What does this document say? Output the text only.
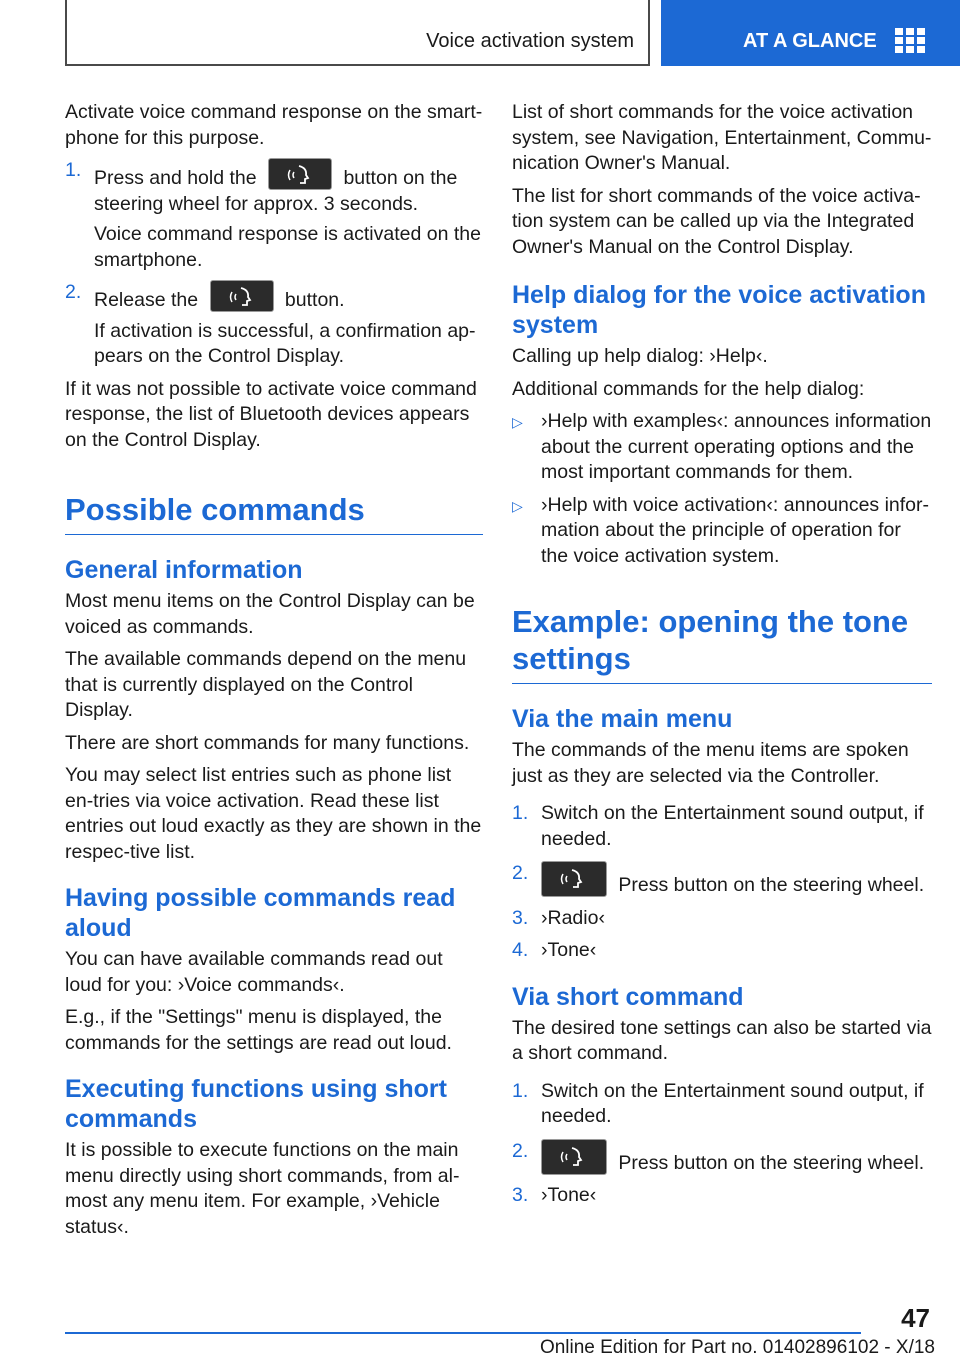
Voice activation system	AT A GLANCE

Activate voice command response on the smart-phone for this purpose.

1. Press and hold the	button on the steering wheel for approx. 3 seconds.
Voice command response is activated on the smartphone.
2. Release the	button.
If activation is successful, a confirmation ap-pears on the Control Display.

If it was not possible to activate voice command response, the list of Bluetooth devices appears on the Control Display.

Possible commands
General information

Most menu items on the Control Display can be voiced as commands.

The available commands depend on the menu that is currently displayed on the Control Display.

There are short commands for many functions.

You may select list entries such as phone list en-tries via voice activation. Read these list entries out loud exactly as they are shown in the respec-tive list.

Having possible commands read aloud

You can have available commands read out loud for you: ›Voice commands‹.

E.g., if the "Settings" menu is displayed, the commands for the settings are read out loud.

Executing functions using short commands

It is possible to execute functions on the main menu directly using short commands, from al-most any menu item. For example, ›Vehicle status‹.

List of short commands for the voice activation system, see Navigation, Entertainment, Commu-nication Owner's Manual.

The list for short commands of the voice activa-tion system can be called up via the Integrated Owner's Manual on the Control Display.

Help dialog for the voice activation system

Calling up help dialog: ›Help‹.

Additional commands for the help dialog:

▷ ›Help with examples‹: announces information about the current operating options and the most important commands for them.
▷ ›Help with voice activation‹: announces infor-mation about the principle of operation for the voice activation system.
Example: opening the tone settings
Via the main menu

The commands of the menu items are spoken just as they are selected via the Controller.

1. Switch on the Entertainment sound output, if needed.
2.
Press button on the steering wheel.
3. ›Radio‹
4. ›Tone‹
Via short command

The desired tone settings can also be started via a short command.

1. Switch on the Entertainment sound output, if needed.
2.
Press button on the steering wheel.
3. ›Tone‹
47
Online Edition for Part no. 01402896102 - X/18
